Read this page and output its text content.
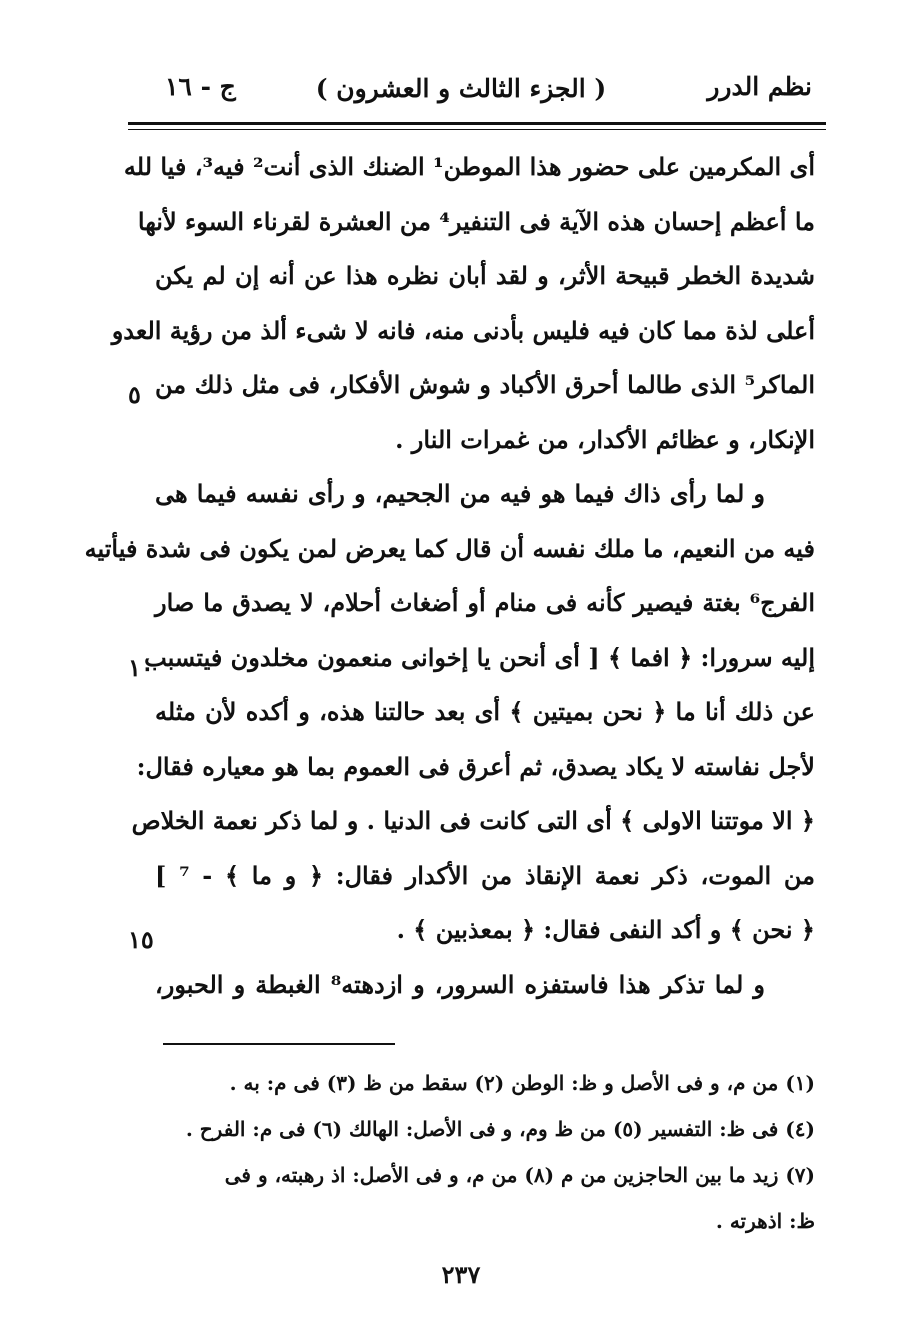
نظم الدرر
( الجزء الثالث و العشرون )
ج - ١٦
أى المكرمين على حضور هذا الموطن¹ الضنك الذى أنت² فيه³، فيا لله
ما أعظم إحسان هذه الآية فى التنفير⁴ من العشرة لقرناء السوء لأنها
شديدة الخطر قبيحة الأثر، و لقد أبان نظره هذا عن أنه إن لم يكن
أعلى لذة مما كان فيه فليس بأدنى منه، فانه لا شىء ألذ من رؤية العدو
الماكر⁵ الذى طالما أحرق الأكباد و شوش الأفكار، فى مثل ذلك من
الإنكار، و عظائم الأكدار، من غمرات النار .
و لما رأى ذاك فيما هو فيه من الجحيم، و رأى نفسه فيما هى
فيه من النعيم، ما ملك نفسه أن قال كما يعرض لمن يكون فى شدة فيأتيه
الفرج⁶ بغتة فيصير كأنه فى منام أو أضغاث أحلام، لا يصدق ما صار
إليه سرورا: ﴿ افما ﴾ [ أى أنحن يا إخوانى منعمون مخلدون فيتسبب
عن ذلك أنا ما ﴿ نحن بميتين ﴾ أى بعد حالتنا هذه، و أكده لأن مثله
لأجل نفاسته لا يكاد يصدق، ثم أعرق فى العموم بما هو معياره فقال:
﴿ الا موتتنا الاولى ﴾ أى التى كانت فى الدنيا . و لما ذكر نعمة الخلاص
من الموت، ذكر نعمة الإنقاذ من الأكدار فقال: ﴿ و ما ﴾ - ⁷ ]
﴿ نحن ﴾ و أكد النفى فقال: ﴿ بمعذبين ﴾ .
و لما تذكر هذا فاستفزه السرور، و ازدهته⁸ الغبطة و الحبور،
٥
١٠
١٥
(١) من م، و فى الأصل و ظ: الوطن (٢) سقط من ظ (٣) فى م: به .
(٤) فى ظ: التفسير (٥) من ظ وم، و فى الأصل: الهالك (٦) فى م: الفرح .
(٧) زيد ما بين الحاجزين من م (٨) من م، و فى الأصل: اذ رهبته، و فى
ظ: اذهرته .
٢٣٧
